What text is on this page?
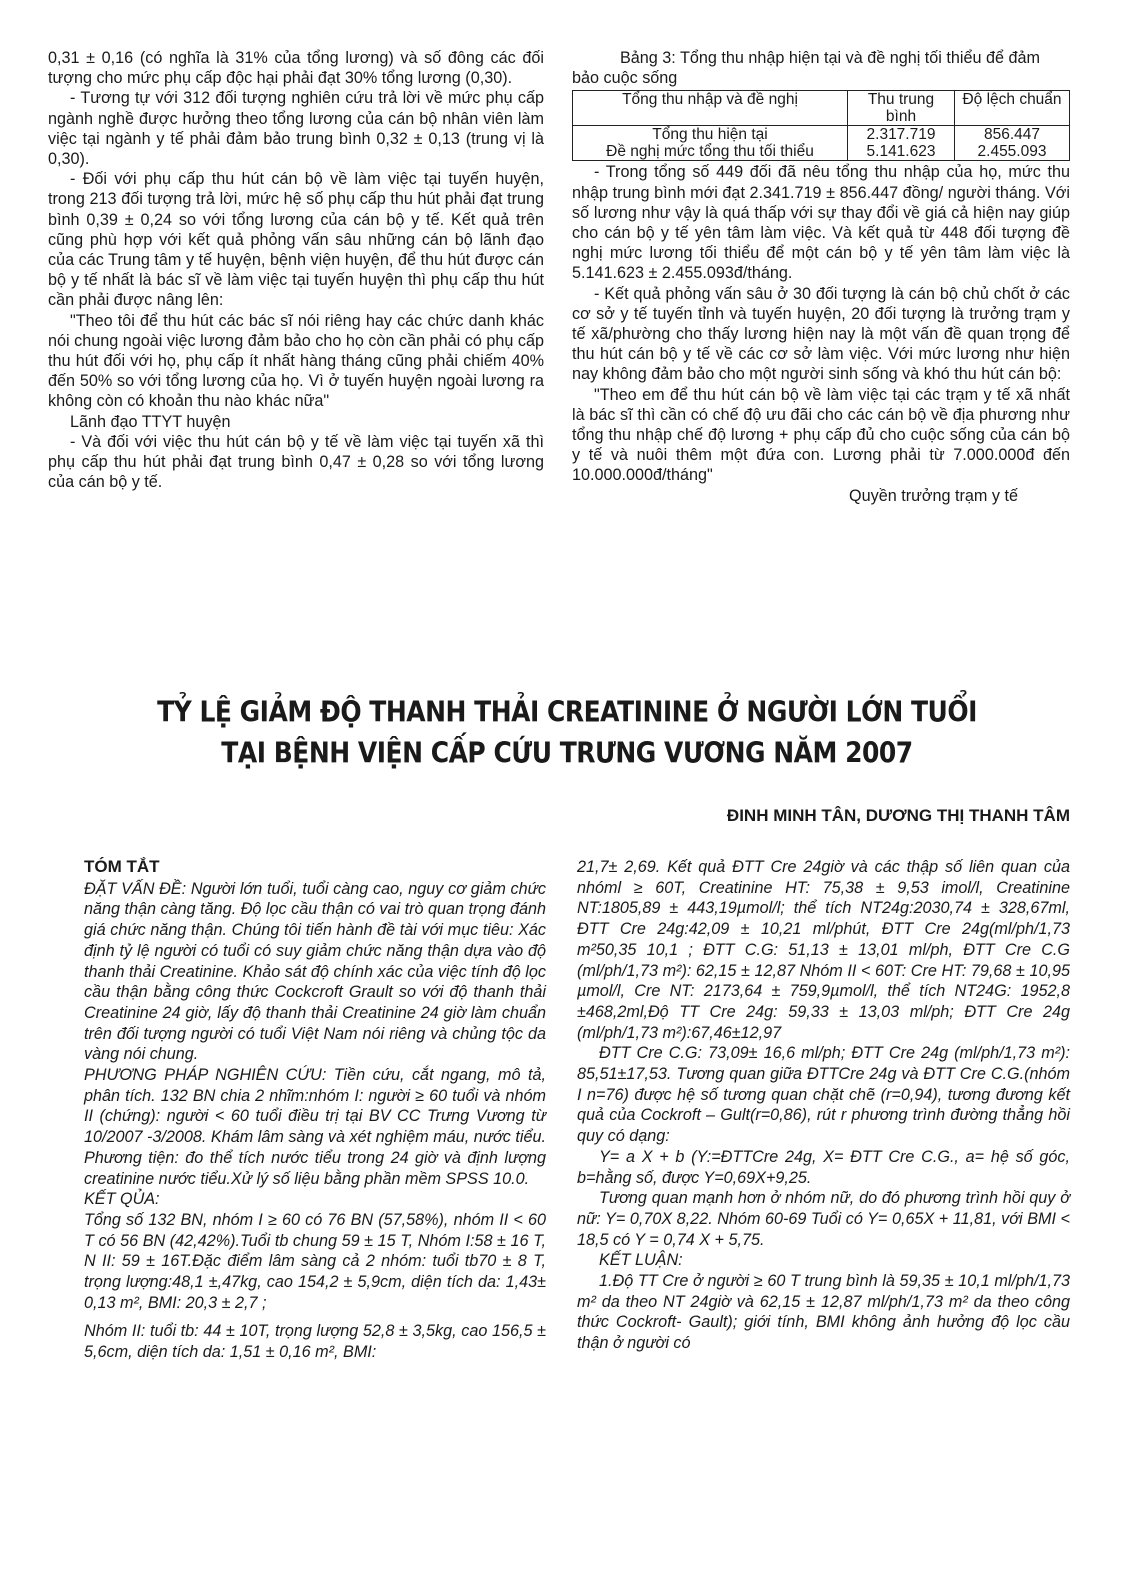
0,31 ± 0,16 (có nghĩa là 31% của tổng lương) và số đông các đối tượng cho mức phụ cấp độc hại phải đạt 30% tổng lương (0,30).

- Tương tự với 312 đối tượng nghiên cứu trả lời về mức phụ cấp ngành nghề được hưởng theo tổng lương của cán bộ nhân viên làm việc tại ngành y tế phải đảm bảo trung bình 0,32 ± 0,13 (trung vị là 0,30).

- Đối với phụ cấp thu hút cán bộ về làm việc tại tuyến huyện, trong 213 đối tượng trả lời, mức hệ số phụ cấp thu hút phải đạt trung bình 0,39 ± 0,24 so với tổng lương của cán bộ y tế. Kết quả trên cũng phù hợp với kết quả phỏng vấn sâu những cán bộ lãnh đạo của các Trung tâm y tế huyện, bệnh viện huyện, để thu hút được cán bộ y tế nhất là bác sĩ về làm việc tại tuyến huyện thì phụ cấp thu hút cần phải được nâng lên:

"Theo tôi để thu hút các bác sĩ nói riêng hay các chức danh khác nói chung ngoài việc lương đảm bảo cho họ còn cần phải có phụ cấp thu hút đối với họ, phụ cấp ít nhất hàng tháng cũng phải chiếm 40% đến 50% so với tổng lương của họ. Vì ở tuyến huyện ngoài lương ra không còn có khoản thu nào khác nữa"

Lãnh đạo TTYT huyện

- Và đối với việc thu hút cán bộ y tế về làm việc tại tuyến xã thì phụ cấp thu hút phải đạt trung bình 0,47 ± 0,28 so với tổng lương của cán bộ y tế.

Bảng 3: Tổng thu nhập hiện tại và đề nghị tối thiểu để đảm bảo cuộc sống

Tổng thu nhập và đề nghị	Thu trung bình	Độ lệch chuẩn
Tổng thu hiện tại	2.317.719	856.447
Đề nghị mức tổng thu tối thiểu	5.141.623	2.455.093

- Trong tổng số 449 đối đã nêu tổng thu nhập của họ, mức thu nhập trung bình mới đạt 2.341.719 ± 856.447 đồng/ người tháng. Với số lương như vậy là quá thấp với sự thay đổi về giá cả hiện nay giúp cho cán bộ y tế yên tâm làm việc. Và kết quả từ 448 đối tượng đề nghị mức lương tối thiểu để một cán bộ y tế yên tâm làm việc là 5.141.623 ± 2.455.093đ/tháng.

- Kết quả phỏng vấn sâu ở 30 đối tượng là cán bộ chủ chốt ở các cơ sở y tế tuyến tỉnh và tuyến huyện, 20 đối tượng là trưởng trạm y tế xã/phường cho thấy lương hiện nay là một vấn đề quan trọng để thu hút cán bộ y tế về các cơ sở làm việc. Với mức lương như hiện nay không đảm bảo cho một người sinh sống và khó thu hút cán bộ:

"Theo em để thu hút cán bộ về làm việc tại các trạm y tế xã nhất là bác sĩ thì cần có chế độ ưu đãi cho các cán bộ về địa phương như tổng thu nhập chế độ lương + phụ cấp đủ cho cuộc sống của cán bộ y tế và nuôi thêm một đứa con. Lương phải từ 7.000.000đ đến 10.000.000đ/tháng"

Quyền trưởng trạm y tế

TỶ LỆ GIẢM ĐỘ THANH THẢI CREATININE Ở NGƯỜI LỚN TUỔI
TẠI BỆNH VIỆN CẤP CỨU TRƯNG VƯƠNG NĂM 2007
ĐINH MINH TÂN, DƯƠNG THỊ THANH TÂM

TÓM TẮT

ĐẶT VẤN ĐỀ: Người lớn tuổi, tuổi càng cao, nguy cơ giảm chức năng thận càng tăng. Độ lọc cầu thận có vai trò quan trọng đánh giá chức năng thận. Chúng tôi tiến hành đề tài với mục tiêu: Xác định tỷ lệ người có tuổi có suy giảm chức năng thận dựa vào độ thanh thải Creatinine. Khảo sát độ chính xác của việc tính độ lọc cầu thận bằng công thức Cockcroft Grault so với độ thanh thải Creatinine 24 giờ, lấy độ thanh thải Creatinine 24 giờ làm chuẩn trên đối tượng người có tuổi Việt Nam nói riêng và chủng tộc da vàng nói chung.

PHƯƠNG PHÁP NGHIÊN CỨU: Tiền cứu, cắt ngang, mô tả, phân tích. 132 BN chia 2 nhĩm:nhóm I: người ≥ 60 tuổi và nhóm II (chứng): người < 60 tuổi điều trị tại BV CC Trưng Vương từ 10/2007 -3/2008. Khám lâm sàng và xét nghiệm máu, nước tiểu. Phương tiện: đo thể tích nước tiểu trong 24 giờ và định lượng creatinine nước tiểu.Xử lý số liệu bằng phần mềm SPSS 10.0.

KẾT QỦA:

Tổng số 132 BN, nhóm I ≥ 60 có 76 BN (57,58%), nhóm II < 60 T có 56 BN (42,42%).Tuổi tb chung 59 ± 15 T, Nhóm I:58 ± 16 T, N II: 59 ± 16T.Đặc điểm lâm sàng cả 2 nhóm: tuổi tb70 ± 8 T, trọng lượng:48,1 ±,47kg, cao 154,2 ± 5,9cm, diện tích da: 1,43± 0,13 m², BMI: 20,3 ± 2,7 ;

Nhóm II: tuổi tb: 44 ± 10T, trọng lượng 52,8 ± 3,5kg, cao 156,5 ± 5,6cm, diện tích da: 1,51 ± 0,16 m², BMI:

21,7± 2,69. Kết quả ĐTT Cre 24giờ và các thập số liên quan của nhóml ≥ 60T, Creatinine HT: 75,38 ± 9,53 imol/l, Creatinine NT:1805,89 ± 443,19µmol/l; thể tích NT24g:2030,74 ± 328,67ml, ĐTT Cre 24g:42,09 ± 10,21 ml/phút, ĐTT Cre 24g(ml/ph/1,73 m²50,35 10,1 ; ĐTT C.G: 51,13 ± 13,01 ml/ph, ĐTT Cre C.G (ml/ph/1,73 m²): 62,15 ± 12,87 Nhóm II < 60T: Cre HT: 79,68 ± 10,95 µmol/l, Cre NT: 2173,64 ± 759,9µmol/l, thể tích NT24G: 1952,8 ±468,2ml,Độ TT Cre 24g: 59,33 ± 13,03 ml/ph; ĐTT Cre 24g (ml/ph/1,73 m²):67,46±12,97

ĐTT Cre C.G: 73,09± 16,6 ml/ph; ĐTT Cre 24g (ml/ph/1,73 m²): 85,51±17,53. Tương quan giữa ĐTTCre 24g và ĐTT Cre C.G.(nhóm I n=76) được hệ số tương quan chặt chẽ (r=0,94), tương đương kết quả của Cockroft – Gult(r=0,86), rút r phương trình đường thẳng hồi quy có dạng:

Y= a X + b (Y:=ĐTTCre 24g, X= ĐTT Cre C.G., a= hệ số góc, b=hằng số, được Y=0,69X+9,25.

Tương quan mạnh hơn ở nhóm nữ, do đó phương trình hồi quy ở nữ: Y= 0,70X 8,22. Nhóm 60-69 Tuổi có Y= 0,65X + 11,81, với BMI < 18,5 có Y = 0,74 X + 5,75.

KẾT LUẬN:

1.Độ TT Cre ở người ≥ 60 T trung bình là 59,35 ± 10,1 ml/ph/1,73 m² da theo NT 24giờ và 62,15 ± 12,87 ml/ph/1,73 m² da theo công thức Cockroft- Gault); giới tính, BMI không ảnh hưởng độ lọc cầu thận ở người có
